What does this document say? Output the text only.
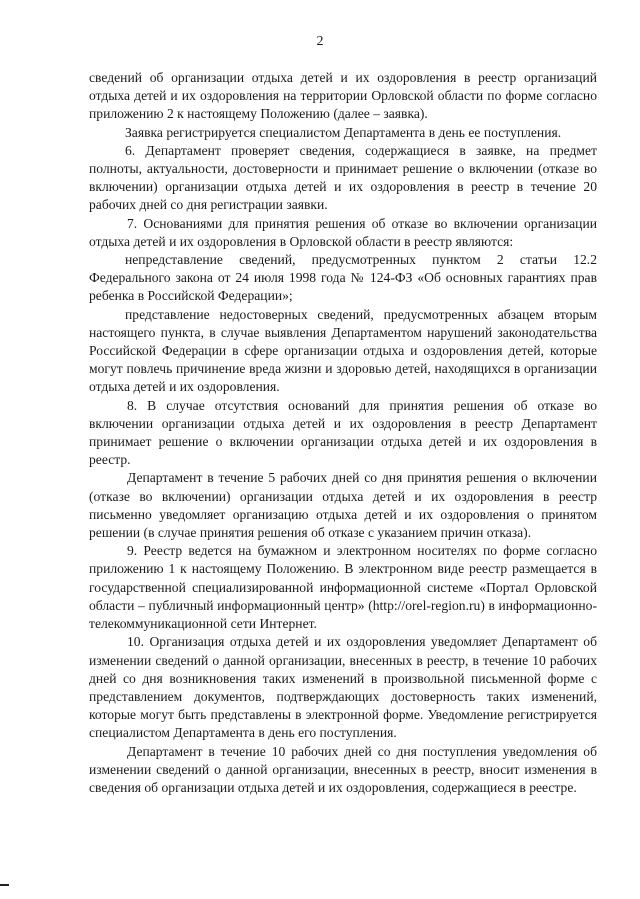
2

сведений об организации отдыха детей и их оздоровления в реестр организаций отдыха детей и их оздоровления на территории Орловской области по форме согласно приложению 2 к настоящему Положению (далее – заявка).

Заявка регистрируется специалистом Департамента в день ее поступления.

6. Департамент проверяет сведения, содержащиеся в заявке, на предмет полноты, актуальности, достоверности и принимает решение о включении (отказе во включении) организации отдыха детей и их оздоровления в реестр в течение 20 рабочих дней со дня регистрации заявки.

7. Основаниями для принятия решения об отказе во включении организации отдыха детей и их оздоровления в Орловской области в реестр являются:

непредставление сведений, предусмотренных пунктом 2 статьи 12.2 Федерального закона от 24 июля 1998 года № 124-ФЗ «Об основных гарантиях прав ребенка в Российской Федерации»;

представление недостоверных сведений, предусмотренных абзацем вторым настоящего пункта, в случае выявления Департаментом нарушений законодательства Российской Федерации в сфере организации отдыха и оздоровления детей, которые могут повлечь причинение вреда жизни и здоровью детей, находящихся в организации отдыха детей и их оздоровления.

8. В случае отсутствия оснований для принятия решения об отказе во включении организации отдыха детей и их оздоровления в реестр Департамент принимает решение о включении организации отдыха детей и их оздоровления в реестр.

Департамент в течение 5 рабочих дней со дня принятия решения о включении (отказе во включении) организации отдыха детей и их оздоровления в реестр письменно уведомляет организацию отдыха детей и их оздоровления о принятом решении (в случае принятия решения об отказе с указанием причин отказа).

9. Реестр ведется на бумажном и электронном носителях по форме согласно приложению 1 к настоящему Положению. В электронном виде реестр размещается в государственной специализированной информационной системе «Портал Орловской области – публичный информационный центр» (http://orel-region.ru) в информационно-телекоммуникационной сети Интернет.

10. Организация отдыха детей и их оздоровления уведомляет Департамент об изменении сведений о данной организации, внесенных в реестр, в течение 10 рабочих дней со дня возникновения таких изменений в произвольной письменной форме с представлением документов, подтверждающих достоверность таких изменений, которые могут быть представлены в электронной форме. Уведомление регистрируется специалистом Департамента в день его поступления.

Департамент в течение 10 рабочих дней со дня поступления уведомления об изменении сведений о данной организации, внесенных в реестр, вносит изменения в сведения об организации отдыха детей и их оздоровления, содержащиеся в реестре.
